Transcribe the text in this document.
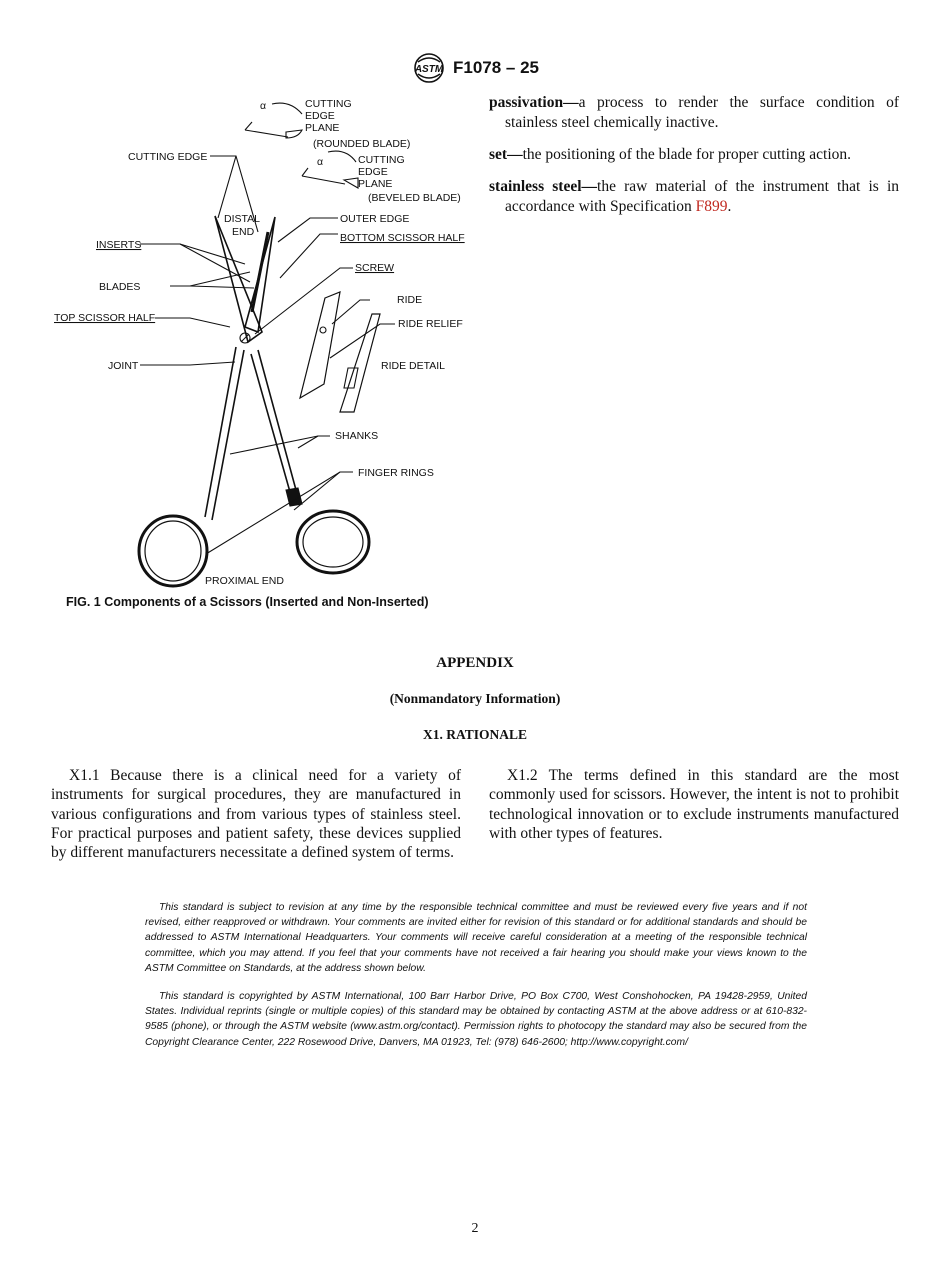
ASTM F1078 – 25
α	CUTTING
EDGE
PLANE
(ROUNDED BLADE)
α	CUTTING
EDGE
PLANE
(BEVELED BLADE)
CUTTING EDGE
DISTAL
END
OUTER EDGE
BOTTOM SCISSOR HALF
INSERTS
SCREW
BLADES
RIDE
TOP SCISSOR HALF	RIDE RELIEF
JOINT	RIDE DETAIL
SHANKS
FINGER RINGS
PROXIMAL END
FIG. 1 Components of a Scissors (Inserted and Non-Inserted)

passivation—a process to render the surface condition of stainless steel chemically inactive.

set—the positioning of the blade for proper cutting action.

stainless steel—the raw material of the instrument that is in accordance with Specification F899.

APPENDIX
(Nonmandatory Information)
X1. RATIONALE

X1.1 Because there is a clinical need for a variety of instruments for surgical procedures, they are manufactured in various configurations and from various types of stainless steel. For practical purposes and patient safety, these devices supplied by different manufacturers necessitate a defined system of terms.

X1.2 The terms defined in this standard are the most commonly used for scissors. However, the intent is not to prohibit technological innovation or to exclude instruments manufactured with other types of features.

This standard is subject to revision at any time by the responsible technical committee and must be reviewed every five years and if not revised, either reapproved or withdrawn. Your comments are invited either for revision of this standard or for additional standards and should be addressed to ASTM International Headquarters. Your comments will receive careful consideration at a meeting of the responsible technical committee, which you may attend. If you feel that your comments have not received a fair hearing you should make your views known to the ASTM Committee on Standards, at the address shown below.

This standard is copyrighted by ASTM International, 100 Barr Harbor Drive, PO Box C700, West Conshohocken, PA 19428-2959, United States. Individual reprints (single or multiple copies) of this standard may be obtained by contacting ASTM at the above address or at 610-832-9585 (phone), or through the ASTM website (www.astm.org/contact). Permission rights to photocopy the standard may also be secured from the Copyright Clearance Center, 222 Rosewood Drive, Danvers, MA 01923, Tel: (978) 646-2600; http://www.copyright.com/

2
